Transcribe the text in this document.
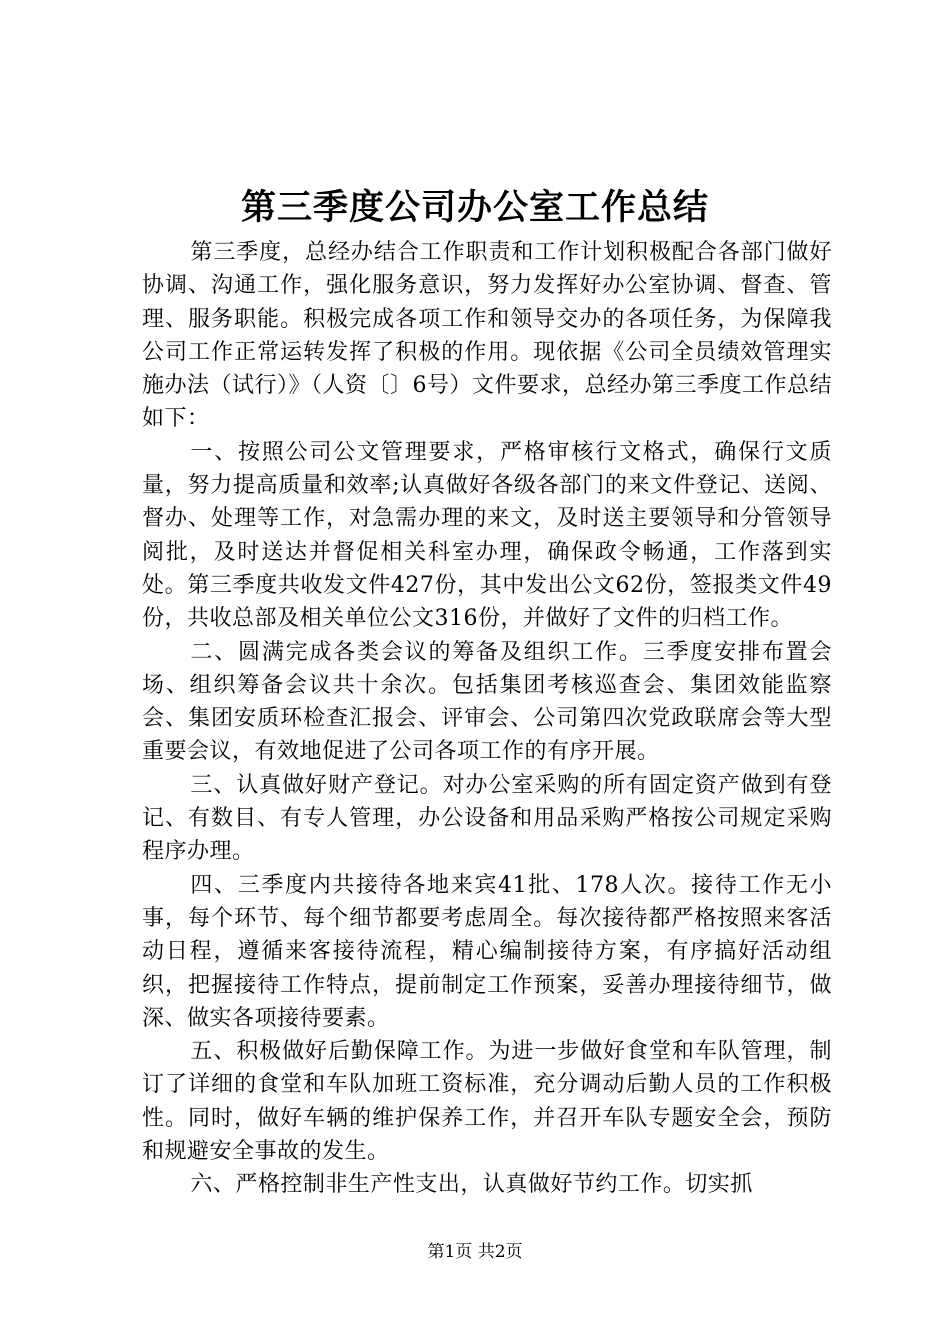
第三季度公司办公室工作总结

第三季度，总经办结合工作职责和工作计划积极配合各部门做好协调、沟通工作，强化服务意识，努力发挥好办公室协调、督查、管理、服务职能。积极完成各项工作和领导交办的各项任务，为保障我公司工作正常运转发挥了积极的作用。现依据《公司全员绩效管理实施办法（试行）》（人资〔〕6号）文件要求，总经办第三季度工作总结如下：

一、按照公司公文管理要求，严格审核行文格式，确保行文质量，努力提高质量和效率;认真做好各级各部门的来文件登记、送阅、督办、处理等工作，对急需办理的来文，及时送主要领导和分管领导阅批，及时送达并督促相关科室办理，确保政令畅通，工作落到实处。第三季度共收发文件427份，其中发出公文62份，签报类文件49份，共收总部及相关单位公文316份，并做好了文件的归档工作。

二、圆满完成各类会议的筹备及组织工作。三季度安排布置会场、组织筹备会议共十余次。包括集团考核巡查会、集团效能监察会、集团安质环检查汇报会、评审会、公司第四次党政联席会等大型重要会议，有效地促进了公司各项工作的有序开展。

三、认真做好财产登记。对办公室采购的所有固定资产做到有登记、有数目、有专人管理，办公设备和用品采购严格按公司规定采购程序办理。

四、三季度内共接待各地来宾41批、178人次。接待工作无小事，每个环节、每个细节都要考虑周全。每次接待都严格按照来客活动日程，遵循来客接待流程，精心编制接待方案，有序搞好活动组织，把握接待工作特点，提前制定工作预案，妥善办理接待细节，做深、做实各项接待要素。

五、积极做好后勤保障工作。为进一步做好食堂和车队管理，制订了详细的食堂和车队加班工资标准，充分调动后勤人员的工作积极性。同时，做好车辆的维护保养工作，并召开车队专题安全会，预防和规避安全事故的发生。

六、严格控制非生产性支出，认真做好节约工作。切实抓

第1页 共2页
